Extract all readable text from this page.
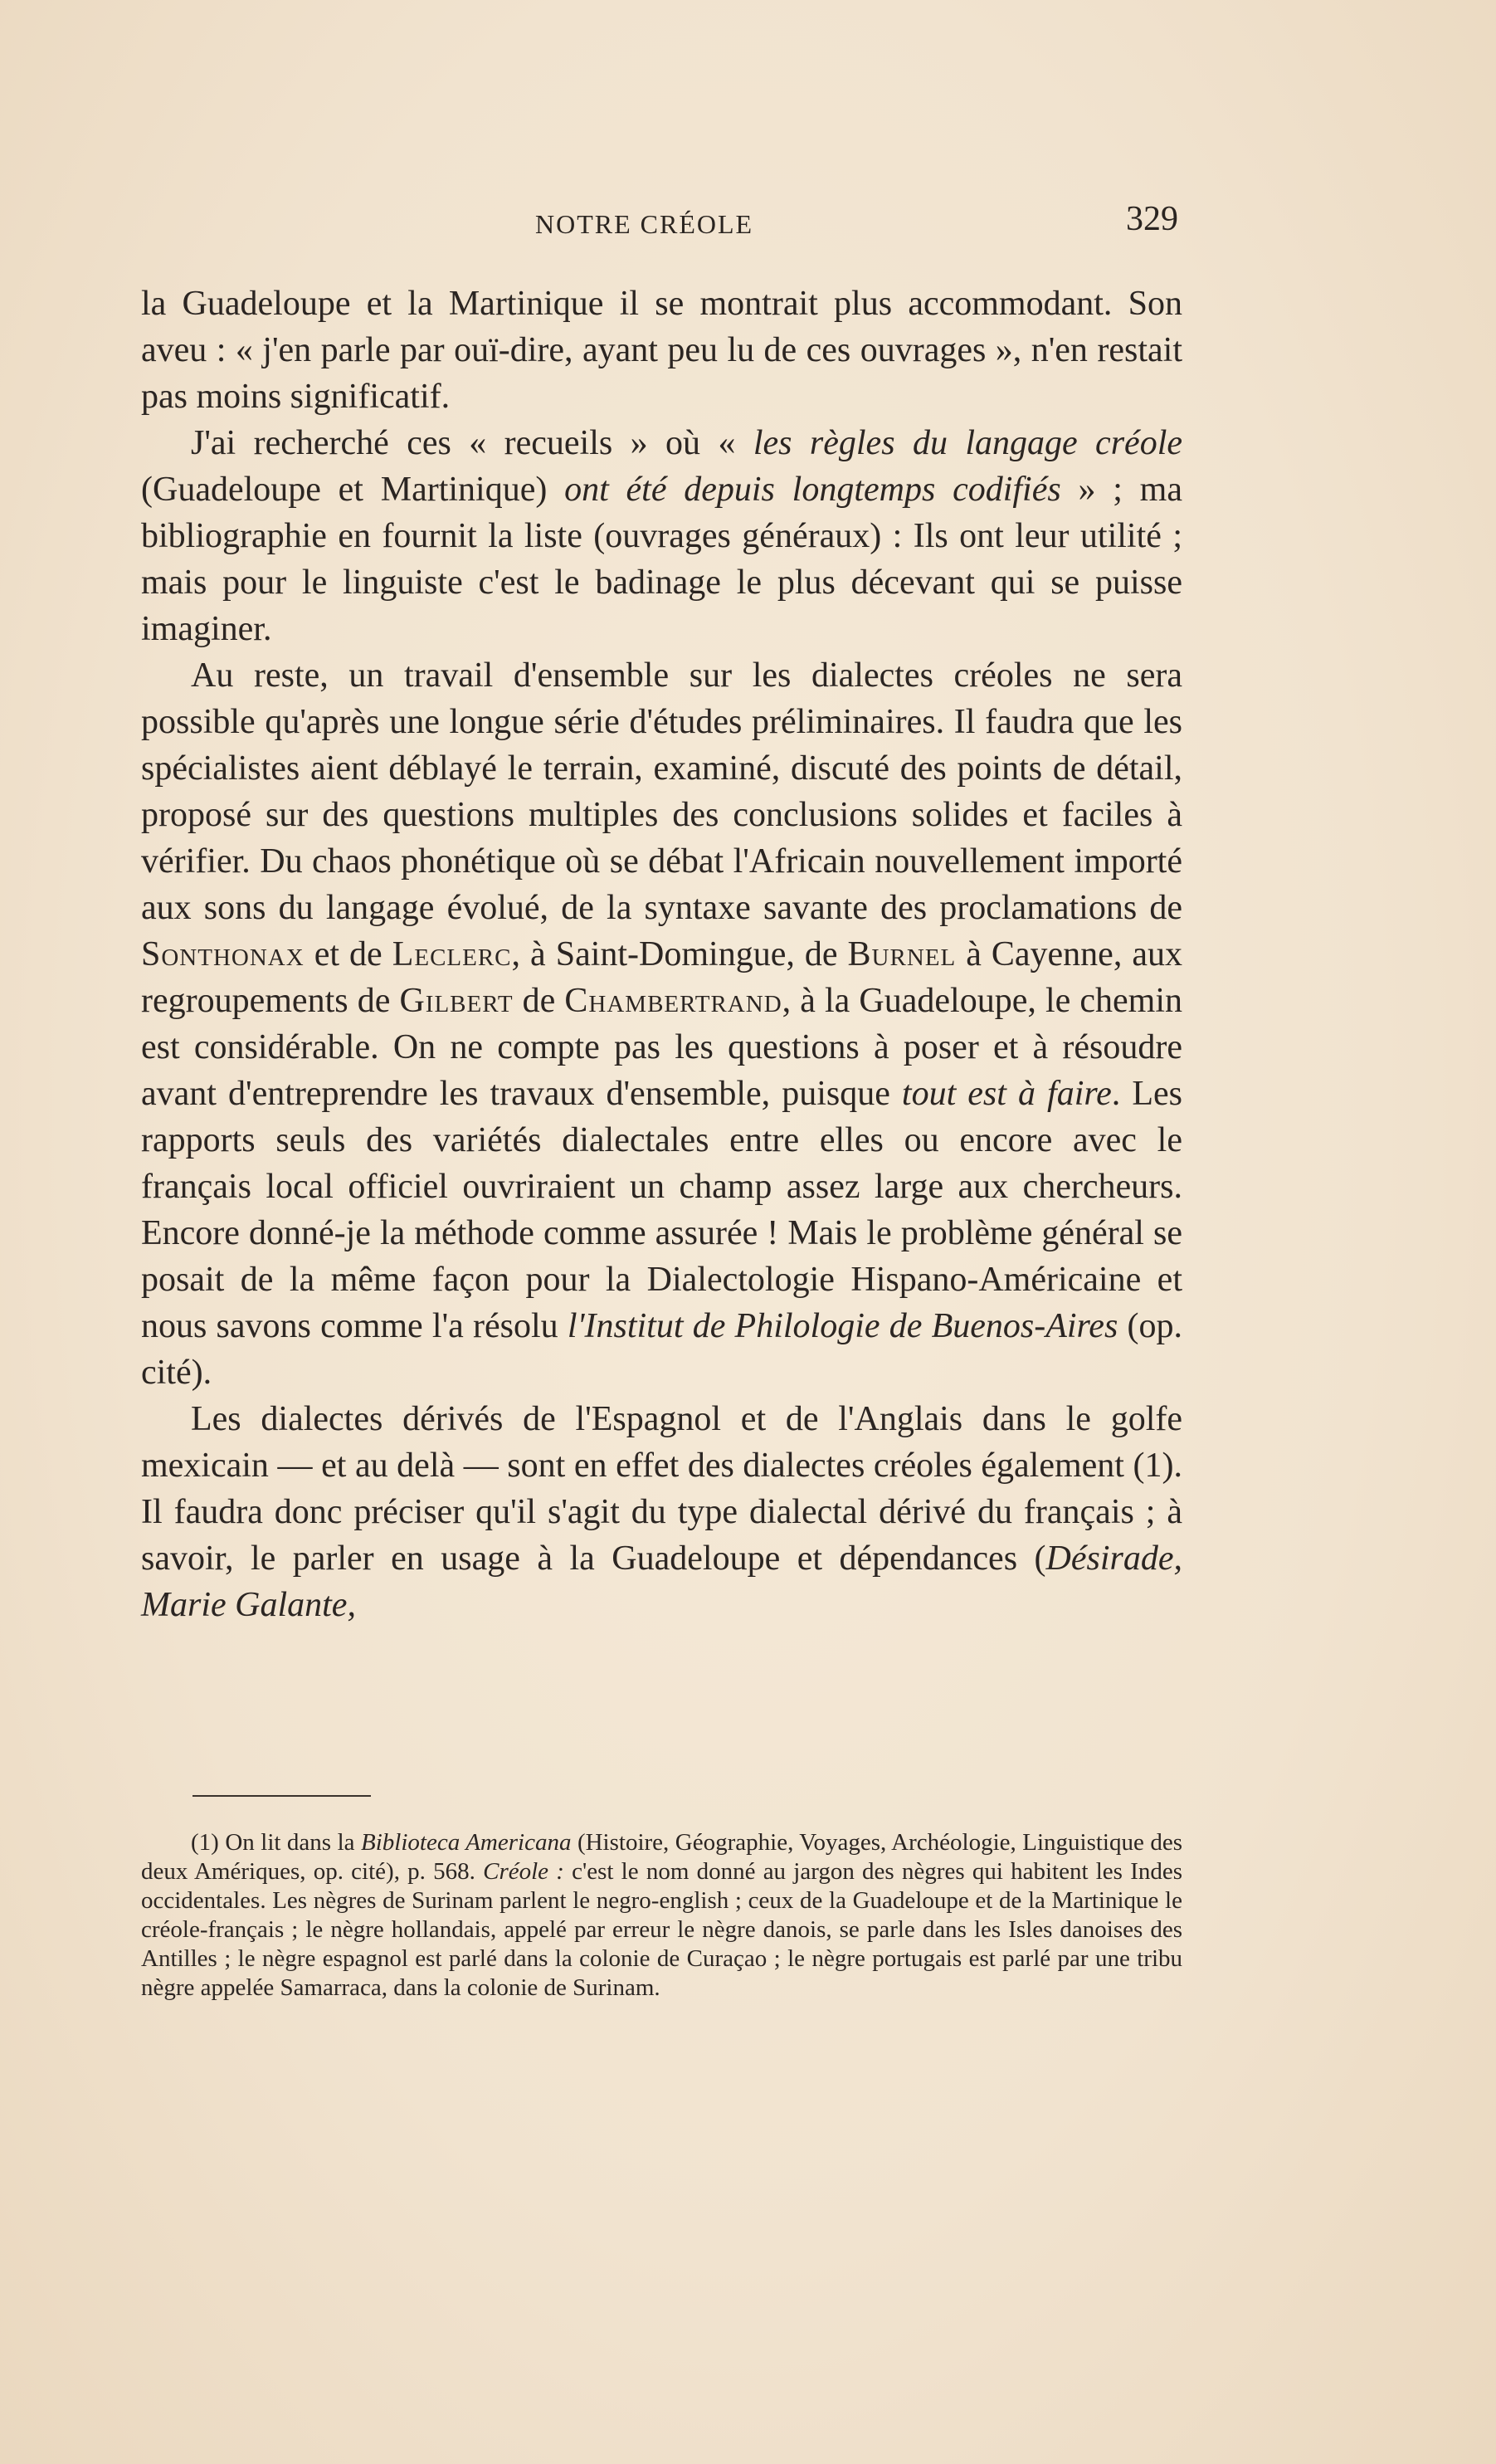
NOTRE CRÉOLE	329

la Guadeloupe et la Martinique il se montrait plus accommodant. Son aveu : « j'en parle par ouï-dire, ayant peu lu de ces ouvrages », n'en restait pas moins significatif.

J'ai recherché ces « recueils » où « les règles du langage créole (Guadeloupe et Martinique) ont été depuis longtemps codifiés » ; ma bibliographie en fournit la liste (ouvrages généraux) : Ils ont leur utilité ; mais pour le linguiste c'est le badinage le plus décevant qui se puisse imaginer.

Au reste, un travail d'ensemble sur les dialectes créoles ne sera possible qu'après une longue série d'études préliminaires. Il faudra que les spécialistes aient déblayé le terrain, examiné, discuté des points de détail, proposé sur des questions multiples des conclusions solides et faciles à vérifier. Du chaos phonétique où se débat l'Africain nouvellement importé aux sons du langage évolué, de la syntaxe savante des proclamations de Sonthonax et de Leclerc, à Saint-Domingue, de Burnel à Cayenne, aux regroupements de Gilbert de Chambertrand, à la Guadeloupe, le chemin est considérable. On ne compte pas les questions à poser et à résoudre avant d'entreprendre les travaux d'ensemble, puisque tout est à faire. Les rapports seuls des variétés dialectales entre elles ou encore avec le français local officiel ouvriraient un champ assez large aux chercheurs. Encore donné-je la méthode comme assurée ! Mais le problème général se posait de la même façon pour la Dialectologie Hispano-Américaine et nous savons comme l'a résolu l'Institut de Philologie de Buenos-Aires (op. cité).

Les dialectes dérivés de l'Espagnol et de l'Anglais dans le golfe mexicain — et au delà — sont en effet des dialectes créoles également (1). Il faudra donc préciser qu'il s'agit du type dialectal dérivé du français ; à savoir, le parler en usage à la Guadeloupe et dépendances (Désirade, Marie Galante,

(1) On lit dans la Biblioteca Americana (Histoire, Géographie, Voyages, Archéologie, Linguistique des deux Amériques, op. cité), p. 568. Créole : c'est le nom donné au jargon des nègres qui habitent les Indes occidentales. Les nègres de Surinam parlent le negro-english ; ceux de la Guadeloupe et de la Martinique le créole-français ; le nègre hollandais, appelé par erreur le nègre danois, se parle dans les Isles danoises des Antilles ; le nègre espagnol est parlé dans la colonie de Curaçao ; le nègre portugais est parlé par une tribu nègre appelée Samarraca, dans la colonie de Surinam.
